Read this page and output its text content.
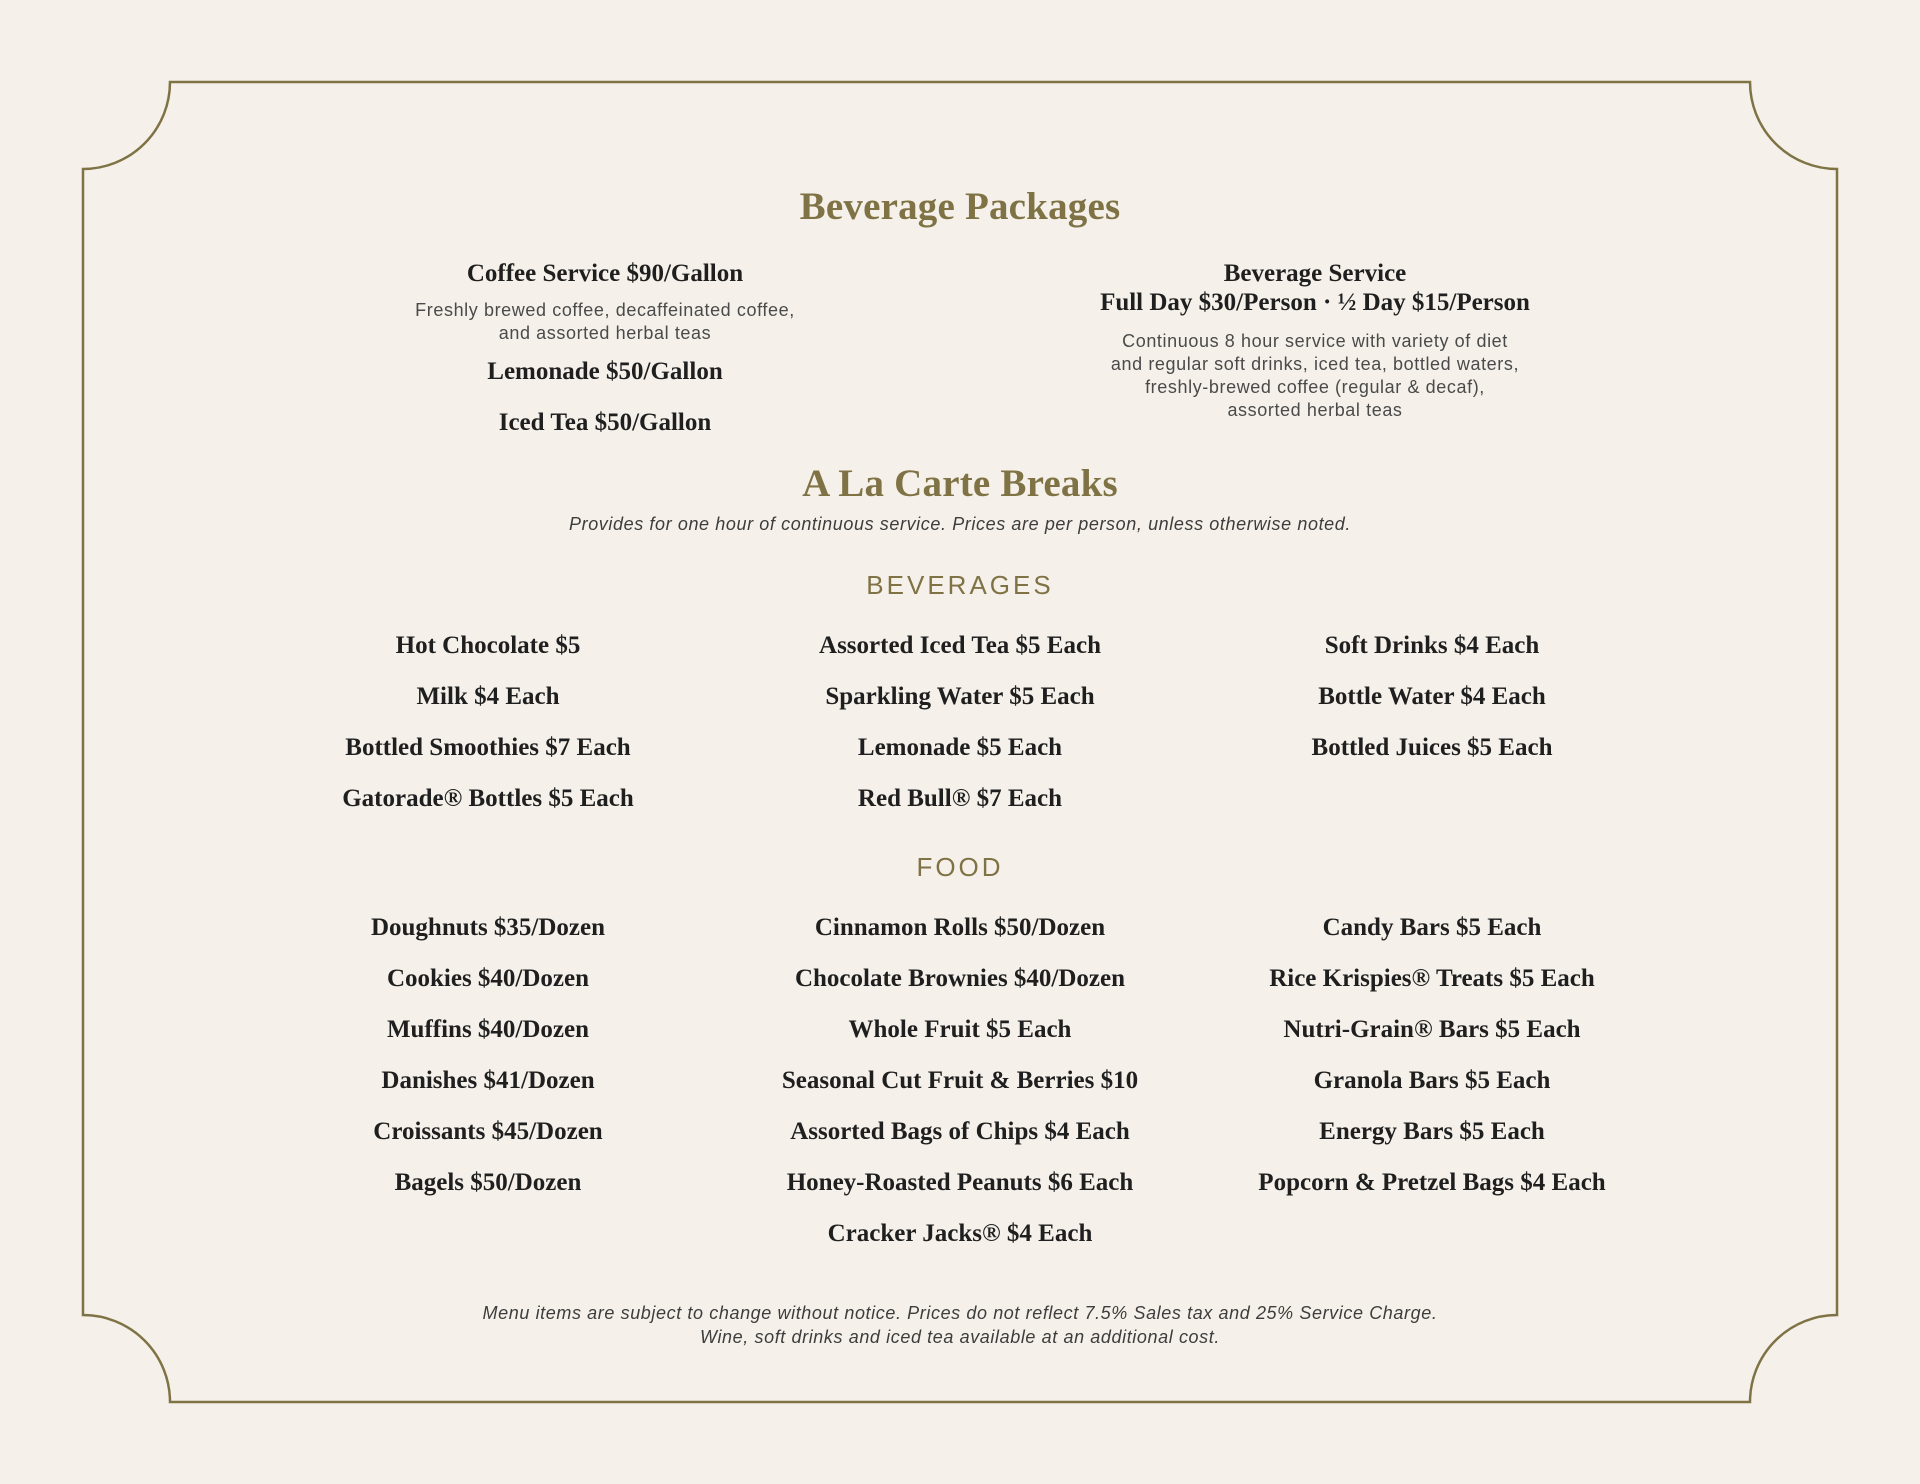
Beverage Packages
Coffee Service $90/Gallon
Freshly brewed coffee, decaffeinated coffee,
and assorted herbal teas
Lemonade $50/Gallon
Iced Tea $50/Gallon
Beverage Service
Full Day $30/Person · ½ Day $15/Person
Continuous 8 hour service with variety of diet
and regular soft drinks, iced tea, bottled waters,
freshly-brewed coffee (regular & decaf),
assorted herbal teas
A La Carte Breaks
Provides for one hour of continuous service. Prices are per person, unless otherwise noted.
BEVERAGES
Hot Chocolate $5
Milk $4 Each
Bottled Smoothies $7 Each
Gatorade® Bottles $5 Each
Assorted Iced Tea $5 Each
Sparkling Water $5 Each
Lemonade $5 Each
Red Bull® $7 Each
Soft Drinks $4 Each
Bottle Water $4 Each
Bottled Juices $5 Each
FOOD
Doughnuts $35/Dozen
Cookies $40/Dozen
Muffins $40/Dozen
Danishes $41/Dozen
Croissants $45/Dozen
Bagels $50/Dozen
Cinnamon Rolls $50/Dozen
Chocolate Brownies $40/Dozen
Whole Fruit $5 Each
Seasonal Cut Fruit & Berries $10
Assorted Bags of Chips $4 Each
Honey-Roasted Peanuts $6 Each
Cracker Jacks® $4 Each
Candy Bars $5 Each
Rice Krispies® Treats $5 Each
Nutri-Grain® Bars $5 Each
Granola Bars $5 Each
Energy Bars $5 Each
Popcorn & Pretzel Bags $4 Each
Menu items are subject to change without notice. Prices do not reflect 7.5% Sales tax and 25% Service Charge.
Wine, soft drinks and iced tea available at an additional cost.
